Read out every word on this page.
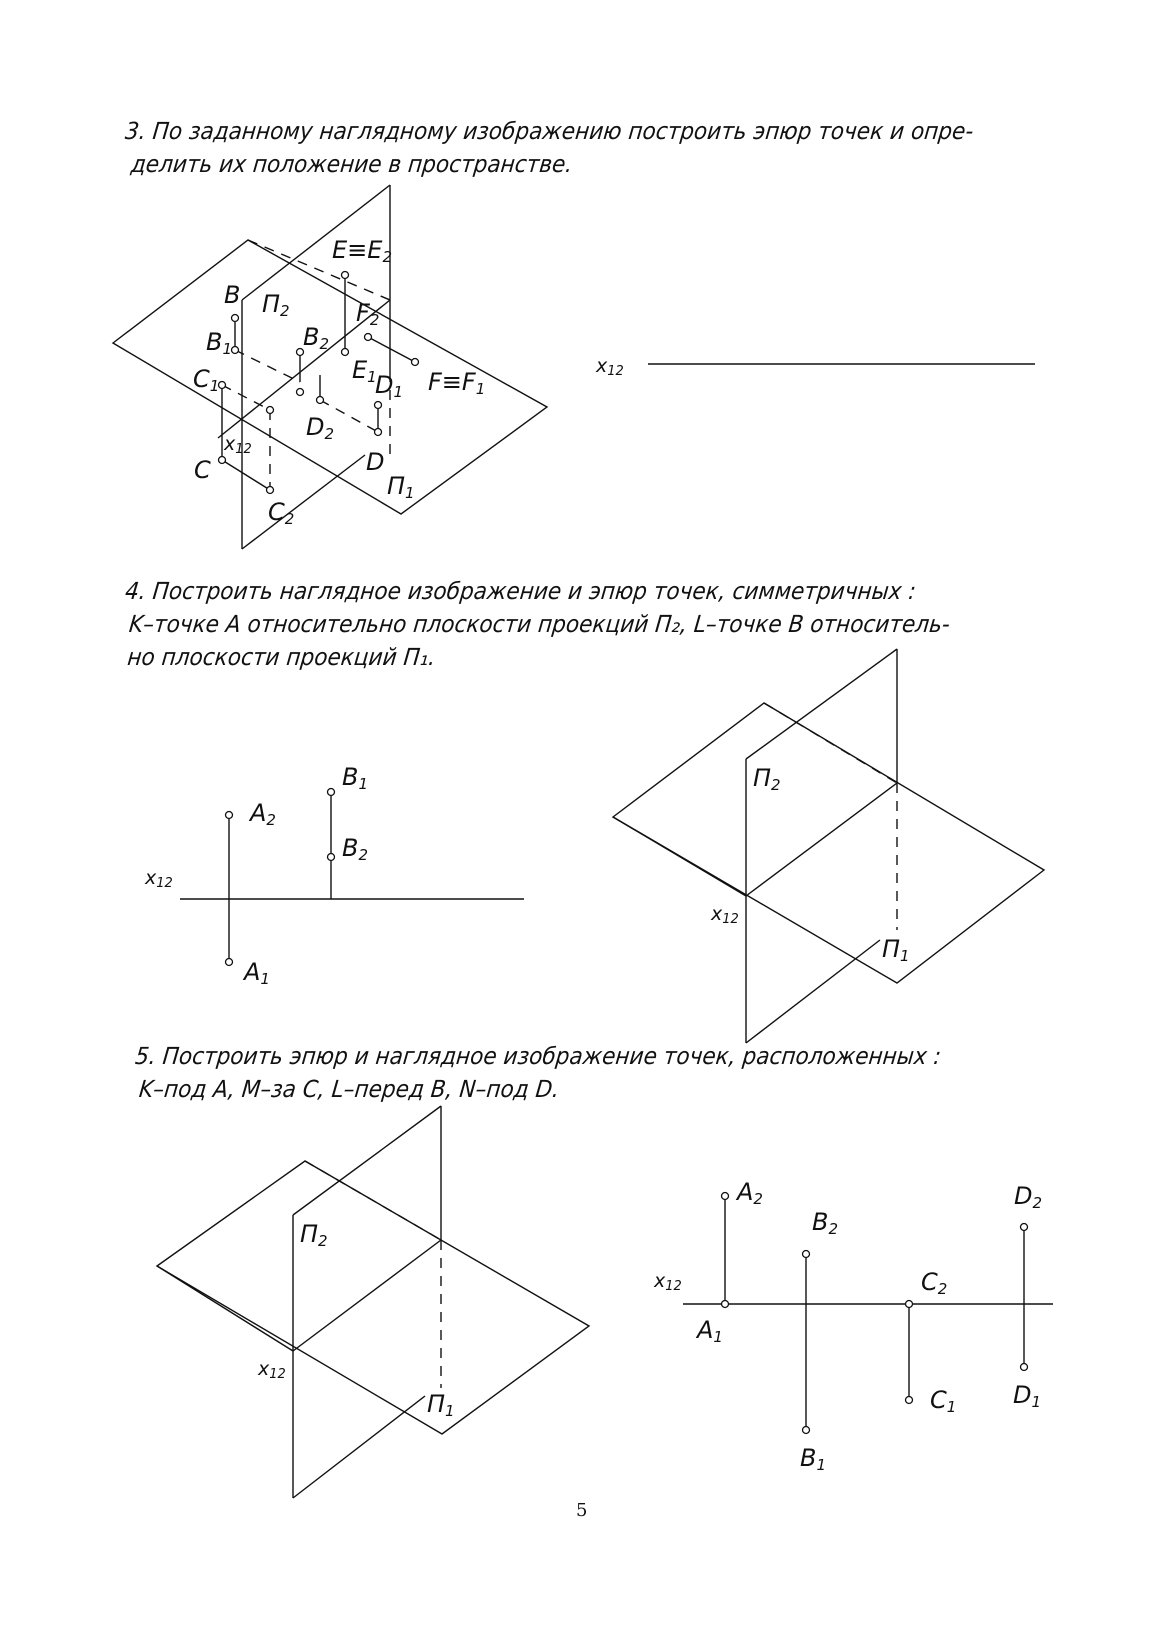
3. По заданному наглядному изображению построить эпюр точек и опре-
делить их положение в пространстве.
4. Построить наглядное изображение и эпюр точек, симметричных :
K–точке А относительно плоскости проекций П₂, L–точке В относитель-
но плоскости проекций П₁.
5. Построить эпюр и наглядное изображение точек, расположенных :
K–под А, М–за С, L–перед В, N–под D.
E≡E2
B П2	F2
B1	B2
E1
D1 F≡F1
C1
D2
x12
C	D
П1
C2
x12
A2
B1
B2
A1
x12
П2
П1
x12
П2
П1
x12
A2
B2
D2
x12	C2
A1
C1 D1
B1
5
